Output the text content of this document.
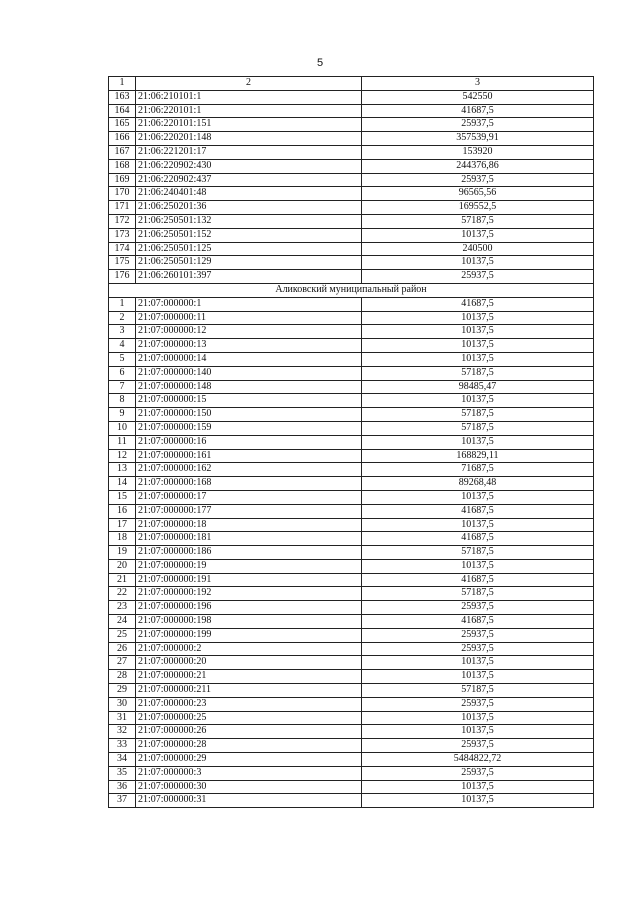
5
1	2	3
163	21:06:210101:1	542550
164	21:06:220101:1	41687,5
165	21:06:220101:151	25937,5
166	21:06:220201:148	357539,91
167	21:06:221201:17	153920
168	21:06:220902:430	244376,86
169	21:06:220902:437	25937,5
170	21:06:240401:48	96565,56
171	21:06:250201:36	169552,5
172	21:06:250501:132	57187,5
173	21:06:250501:152	10137,5
174	21:06:250501:125	240500
175	21:06:250501:129	10137,5
176	21:06:260101:397	25937,5
Аликовский муниципальный район		
1	21:07:000000:1	41687,5
2	21:07:000000:11	10137,5
3	21:07:000000:12	10137,5
4	21:07:000000:13	10137,5
5	21:07:000000:14	10137,5
6	21:07:000000:140	57187,5
7	21:07:000000:148	98485,47
8	21:07:000000:15	10137,5
9	21:07:000000:150	57187,5
10	21:07:000000:159	57187,5
11	21:07:000000:16	10137,5
12	21:07:000000:161	168829,11
13	21:07:000000:162	71687,5
14	21:07:000000:168	89268,48
15	21:07:000000:17	10137,5
16	21:07:000000:177	41687,5
17	21:07:000000:18	10137,5
18	21:07:000000:181	41687,5
19	21:07:000000:186	57187,5
20	21:07:000000:19	10137,5
21	21:07:000000:191	41687,5
22	21:07:000000:192	57187,5
23	21:07:000000:196	25937,5
24	21:07:000000:198	41687,5
25	21:07:000000:199	25937,5
26	21:07:000000:2	25937,5
27	21:07:000000:20	10137,5
28	21:07:000000:21	10137,5
29	21:07:000000:211	57187,5
30	21:07:000000:23	25937,5
31	21:07:000000:25	10137,5
32	21:07:000000:26	10137,5
33	21:07:000000:28	25937,5
34	21:07:000000:29	5484822,72
35	21:07:000000:3	25937,5
36	21:07:000000:30	10137,5
37	21:07:000000:31	10137,5
